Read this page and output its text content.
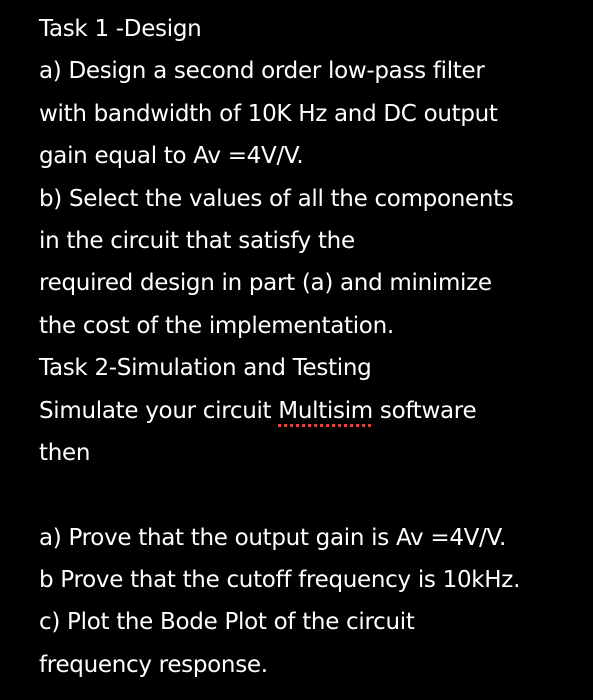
Task 1 -Design
a) Design a second order low-pass filter
with bandwidth of 10K Hz and DC output
gain equal to Av =4V/V.
b) Select the values of all the components
in the circuit that satisfy the
required design in part (a) and minimize
the cost of the implementation.
Task 2-Simulation and Testing
Simulate your circuit Multisim software
then
a) Prove that the output gain is Av =4V/V.
b Prove that the cutoff frequency is 10kHz.
c) Plot the Bode Plot of the circuit
frequency response.
